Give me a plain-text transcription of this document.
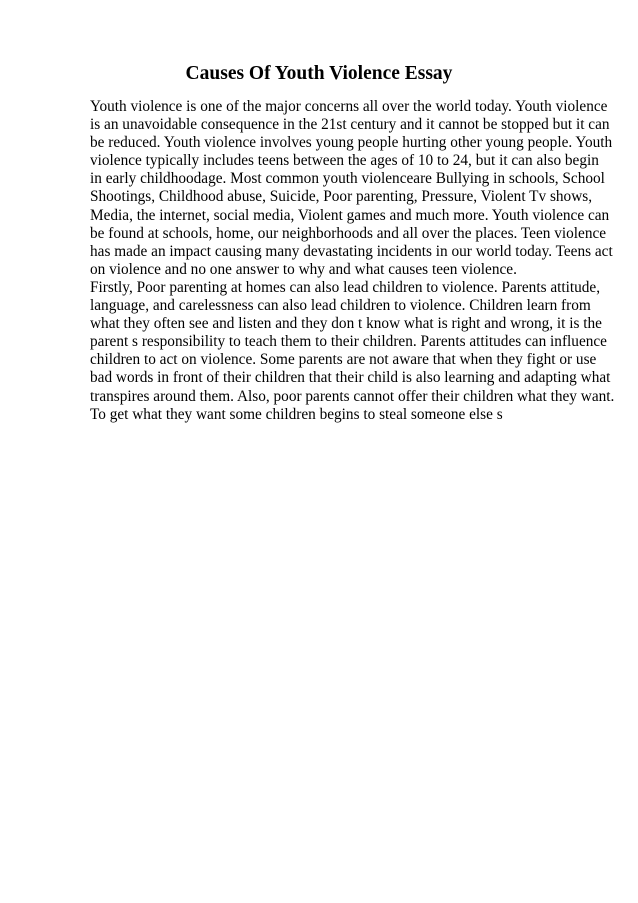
Causes Of Youth Violence Essay
Youth violence is one of the major concerns all over the world today. Youth violence
is an unavoidable consequence in the 21st century and it cannot be stopped but it can
be reduced. Youth violence involves young people hurting other young people. Youth
violence typically includes teens between the ages of 10 to 24, but it can also begin
in early childhoodage. Most common youth violenceare Bullying in schools, School
Shootings, Childhood abuse, Suicide, Poor parenting, Pressure, Violent Tv shows,
Media, the internet, social media, Violent games and much more. Youth violence can
be found at schools, home, our neighborhoods and all over the places. Teen violence
has made an impact causing many devastating incidents in our world today. Teens act
on violence and no one answer to why and what causes teen violence.
Firstly, Poor parenting at homes can also lead children to violence. Parents attitude,
language, and carelessness can also lead children to violence. Children learn from
what they often see and listen and they don t know what is right and wrong, it is the
parent s responsibility to teach them to their children. Parents attitudes can influence
children to act on violence. Some parents are not aware that when they fight or use
bad words in front of their children that their child is also learning and adapting what
transpires around them. Also, poor parents cannot offer their children what they want.
To get what they want some children begins to steal someone else s
